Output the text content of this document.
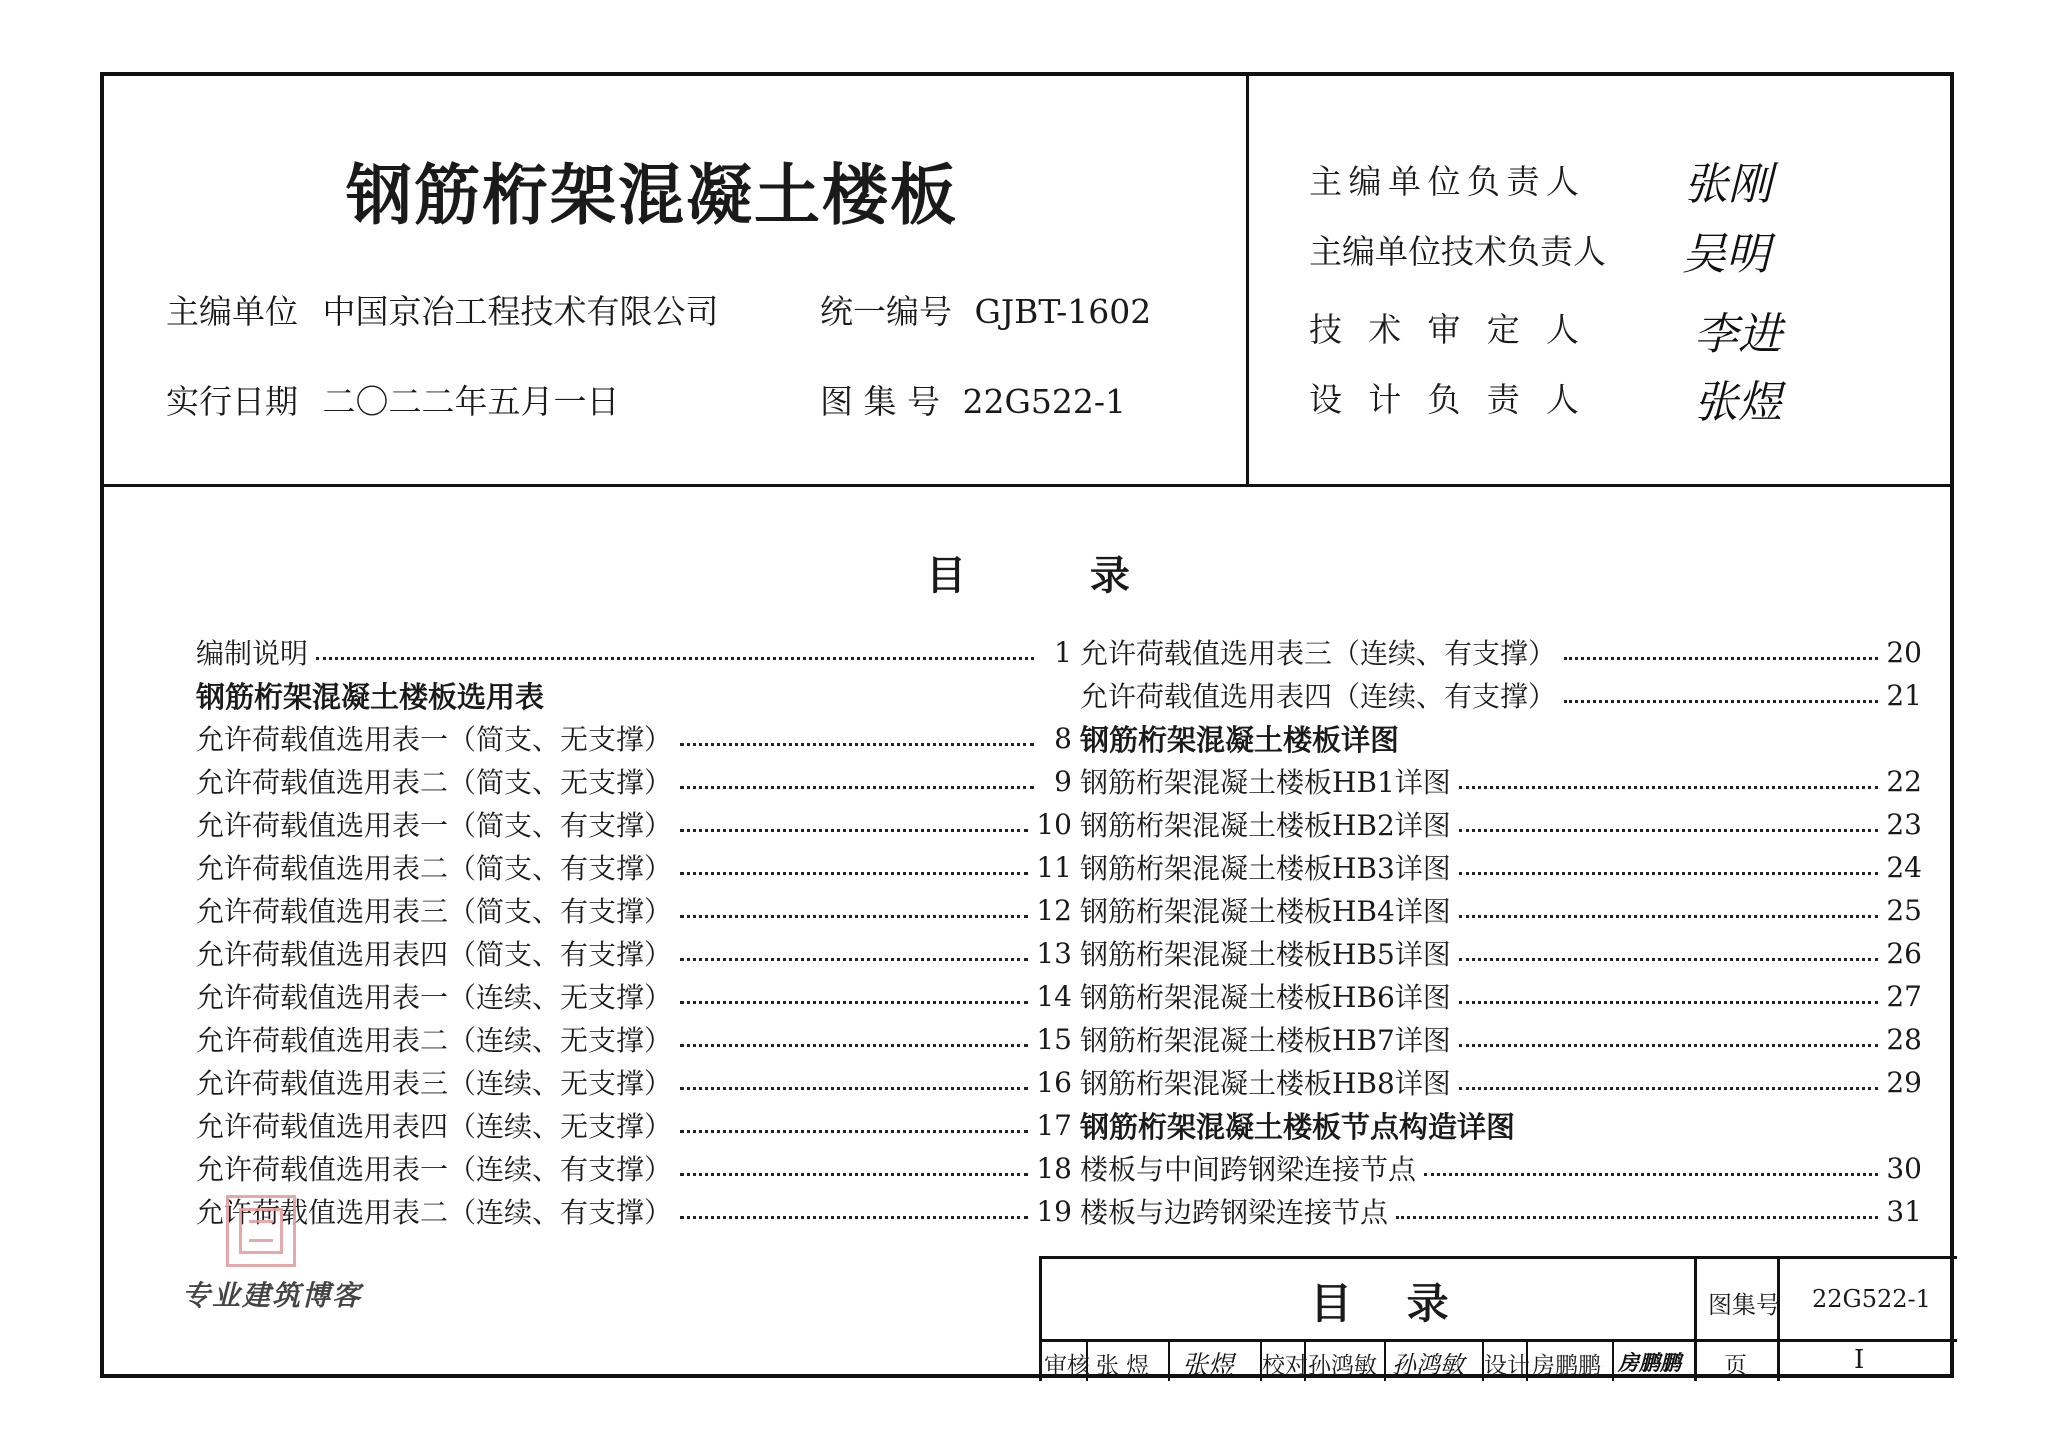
钢筋桁架混凝土楼板
主编单位 中国京冶工程技术有限公司	统一编号 GJBT-1602
实行日期 二〇二二年五月一日	图 集 号 22G522-1
主编单位负责人 张刚
主编单位技术负责人 吴明
技 术 审 定 人	李进
设 计 负 责 人	张煜
目 录
编制说明	1
钢筋桁架混凝土楼板选用表
允许荷载值选用表一（简支、无支撑）	8
允许荷载值选用表二（简支、无支撑）	9
允许荷载值选用表一（简支、有支撑）	10
允许荷载值选用表二（简支、有支撑）	11
允许荷载值选用表三（简支、有支撑）	12
允许荷载值选用表四（简支、有支撑）	13
允许荷载值选用表一（连续、无支撑）	14
允许荷载值选用表二（连续、无支撑）	15
允许荷载值选用表三（连续、无支撑）	16
允许荷载值选用表四（连续、无支撑）	17
允许荷载值选用表一（连续、有支撑）	18
允许荷载值选用表二（连续、有支撑）	19
允许荷载值选用表三（连续、有支撑）	20
允许荷载值选用表四（连续、有支撑）	21
钢筋桁架混凝土楼板详图
钢筋桁架混凝土楼板HB1详图	22
钢筋桁架混凝土楼板HB2详图	23
钢筋桁架混凝土楼板HB3详图	24
钢筋桁架混凝土楼板HB4详图	25
钢筋桁架混凝土楼板HB5详图	26
钢筋桁架混凝土楼板HB6详图	27
钢筋桁架混凝土楼板HB7详图	28
钢筋桁架混凝土楼板HB8详图	29
钢筋桁架混凝土楼板节点构造详图
楼板与中间跨钢梁连接节点	30
楼板与边跨钢梁连接节点	31
目 录	图集号 22G522-1
审核 张 煜 张煜 校对 孙鸿敏 孙鸿敏 设计 房鹏鹏 房鹏鹏 页	I
专业建筑博客
